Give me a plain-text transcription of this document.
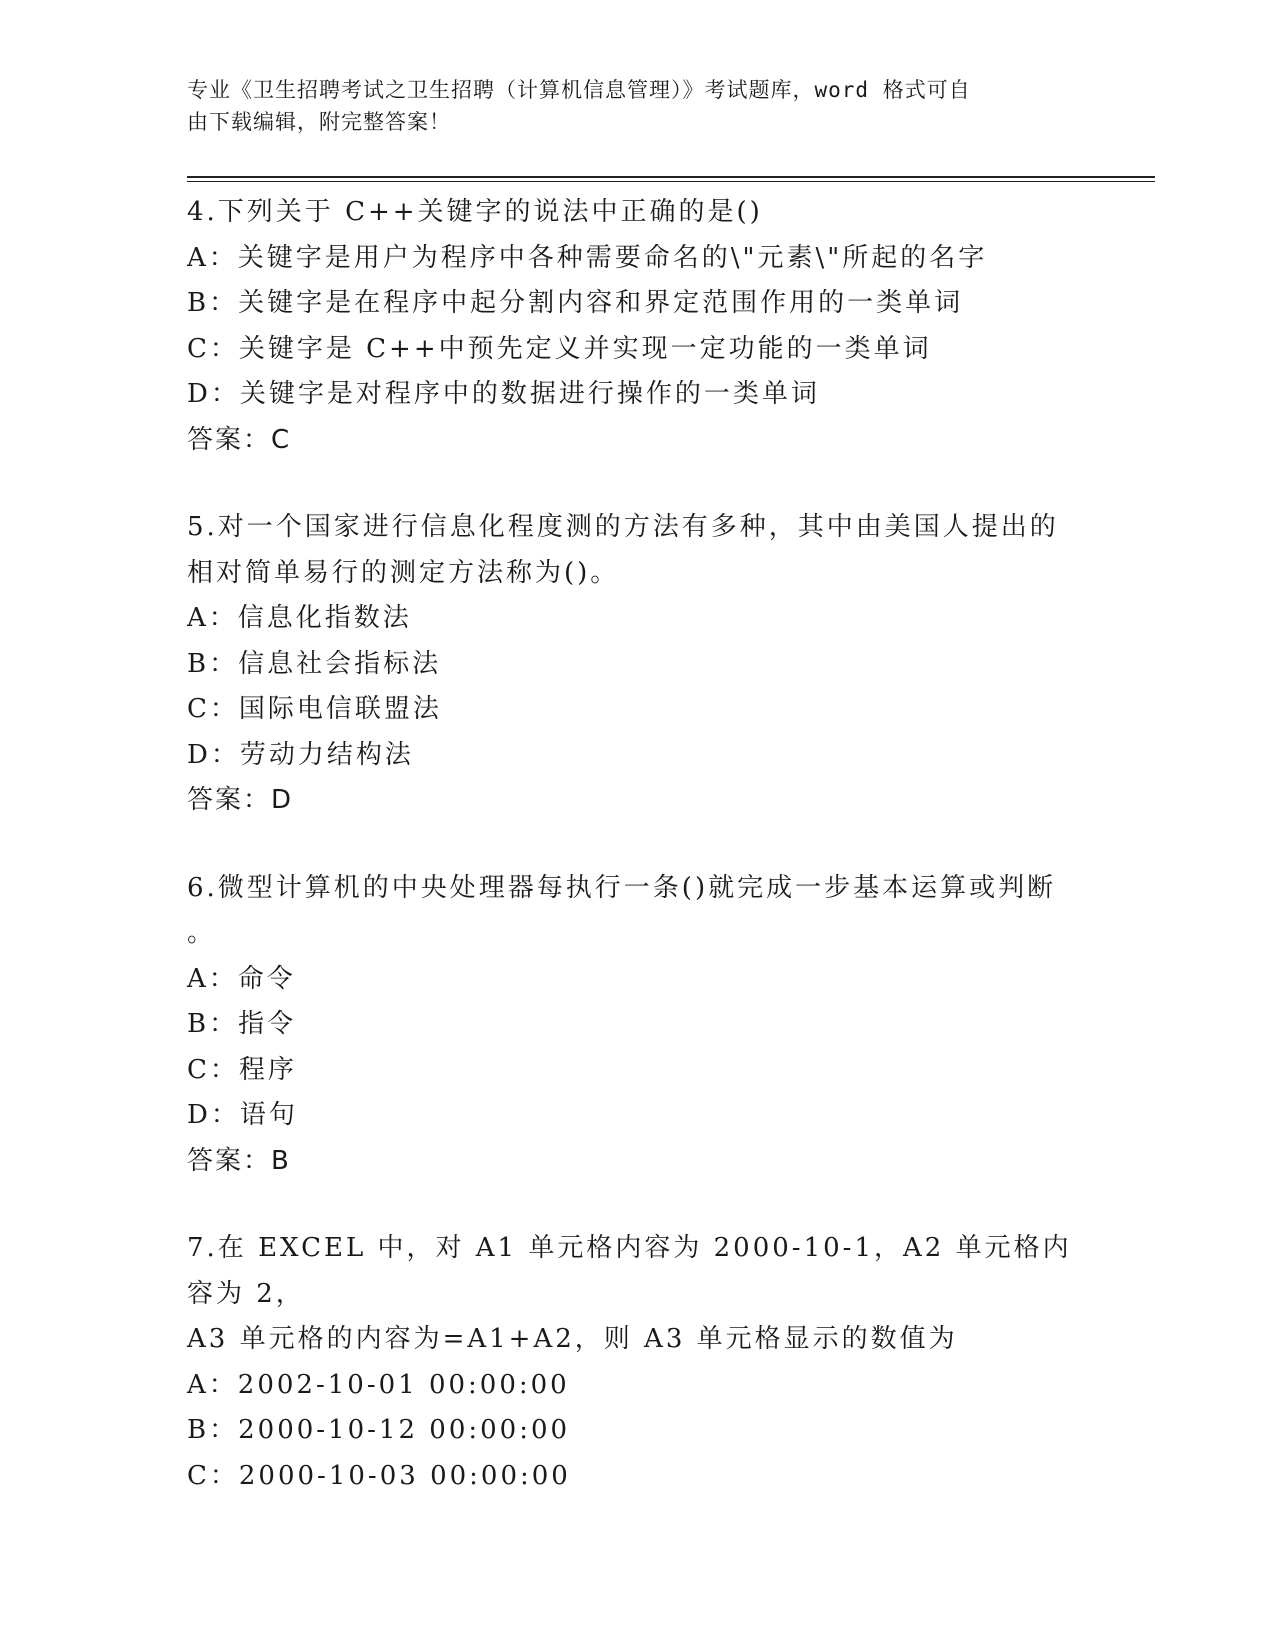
专业《卫生招聘考试之卫生招聘（计算机信息管理）》考试题库，word 格式可自
由下载编辑，附完整答案！
4.下列关于 C++关键字的说法中正确的是()
A：关键字是用户为程序中各种需要命名的\"元素\"所起的名字
B：关键字是在程序中起分割内容和界定范围作用的一类单词
C：关键字是 C++中预先定义并实现一定功能的一类单词
D：关键字是对程序中的数据进行操作的一类单词
答案：C
5.对一个国家进行信息化程度测的方法有多种，其中由美国人提出的
相对简单易行的测定方法称为()。
A：信息化指数法
B：信息社会指标法
C：国际电信联盟法
D：劳动力结构法
答案：D
6.微型计算机的中央处理器每执行一条()就完成一步基本运算或判断
。
A：命令
B：指令
C：程序
D：语句
答案：B
7.在 EXCEL 中，对 A1 单元格内容为 2000-10-1，A2 单元格内容为 2，
A3 单元格的内容为=A1+A2，则 A3 单元格显示的数值为
A：2002-10-01 00:00:00
B：2000-10-12 00:00:00
C：2000-10-03 00:00:00
